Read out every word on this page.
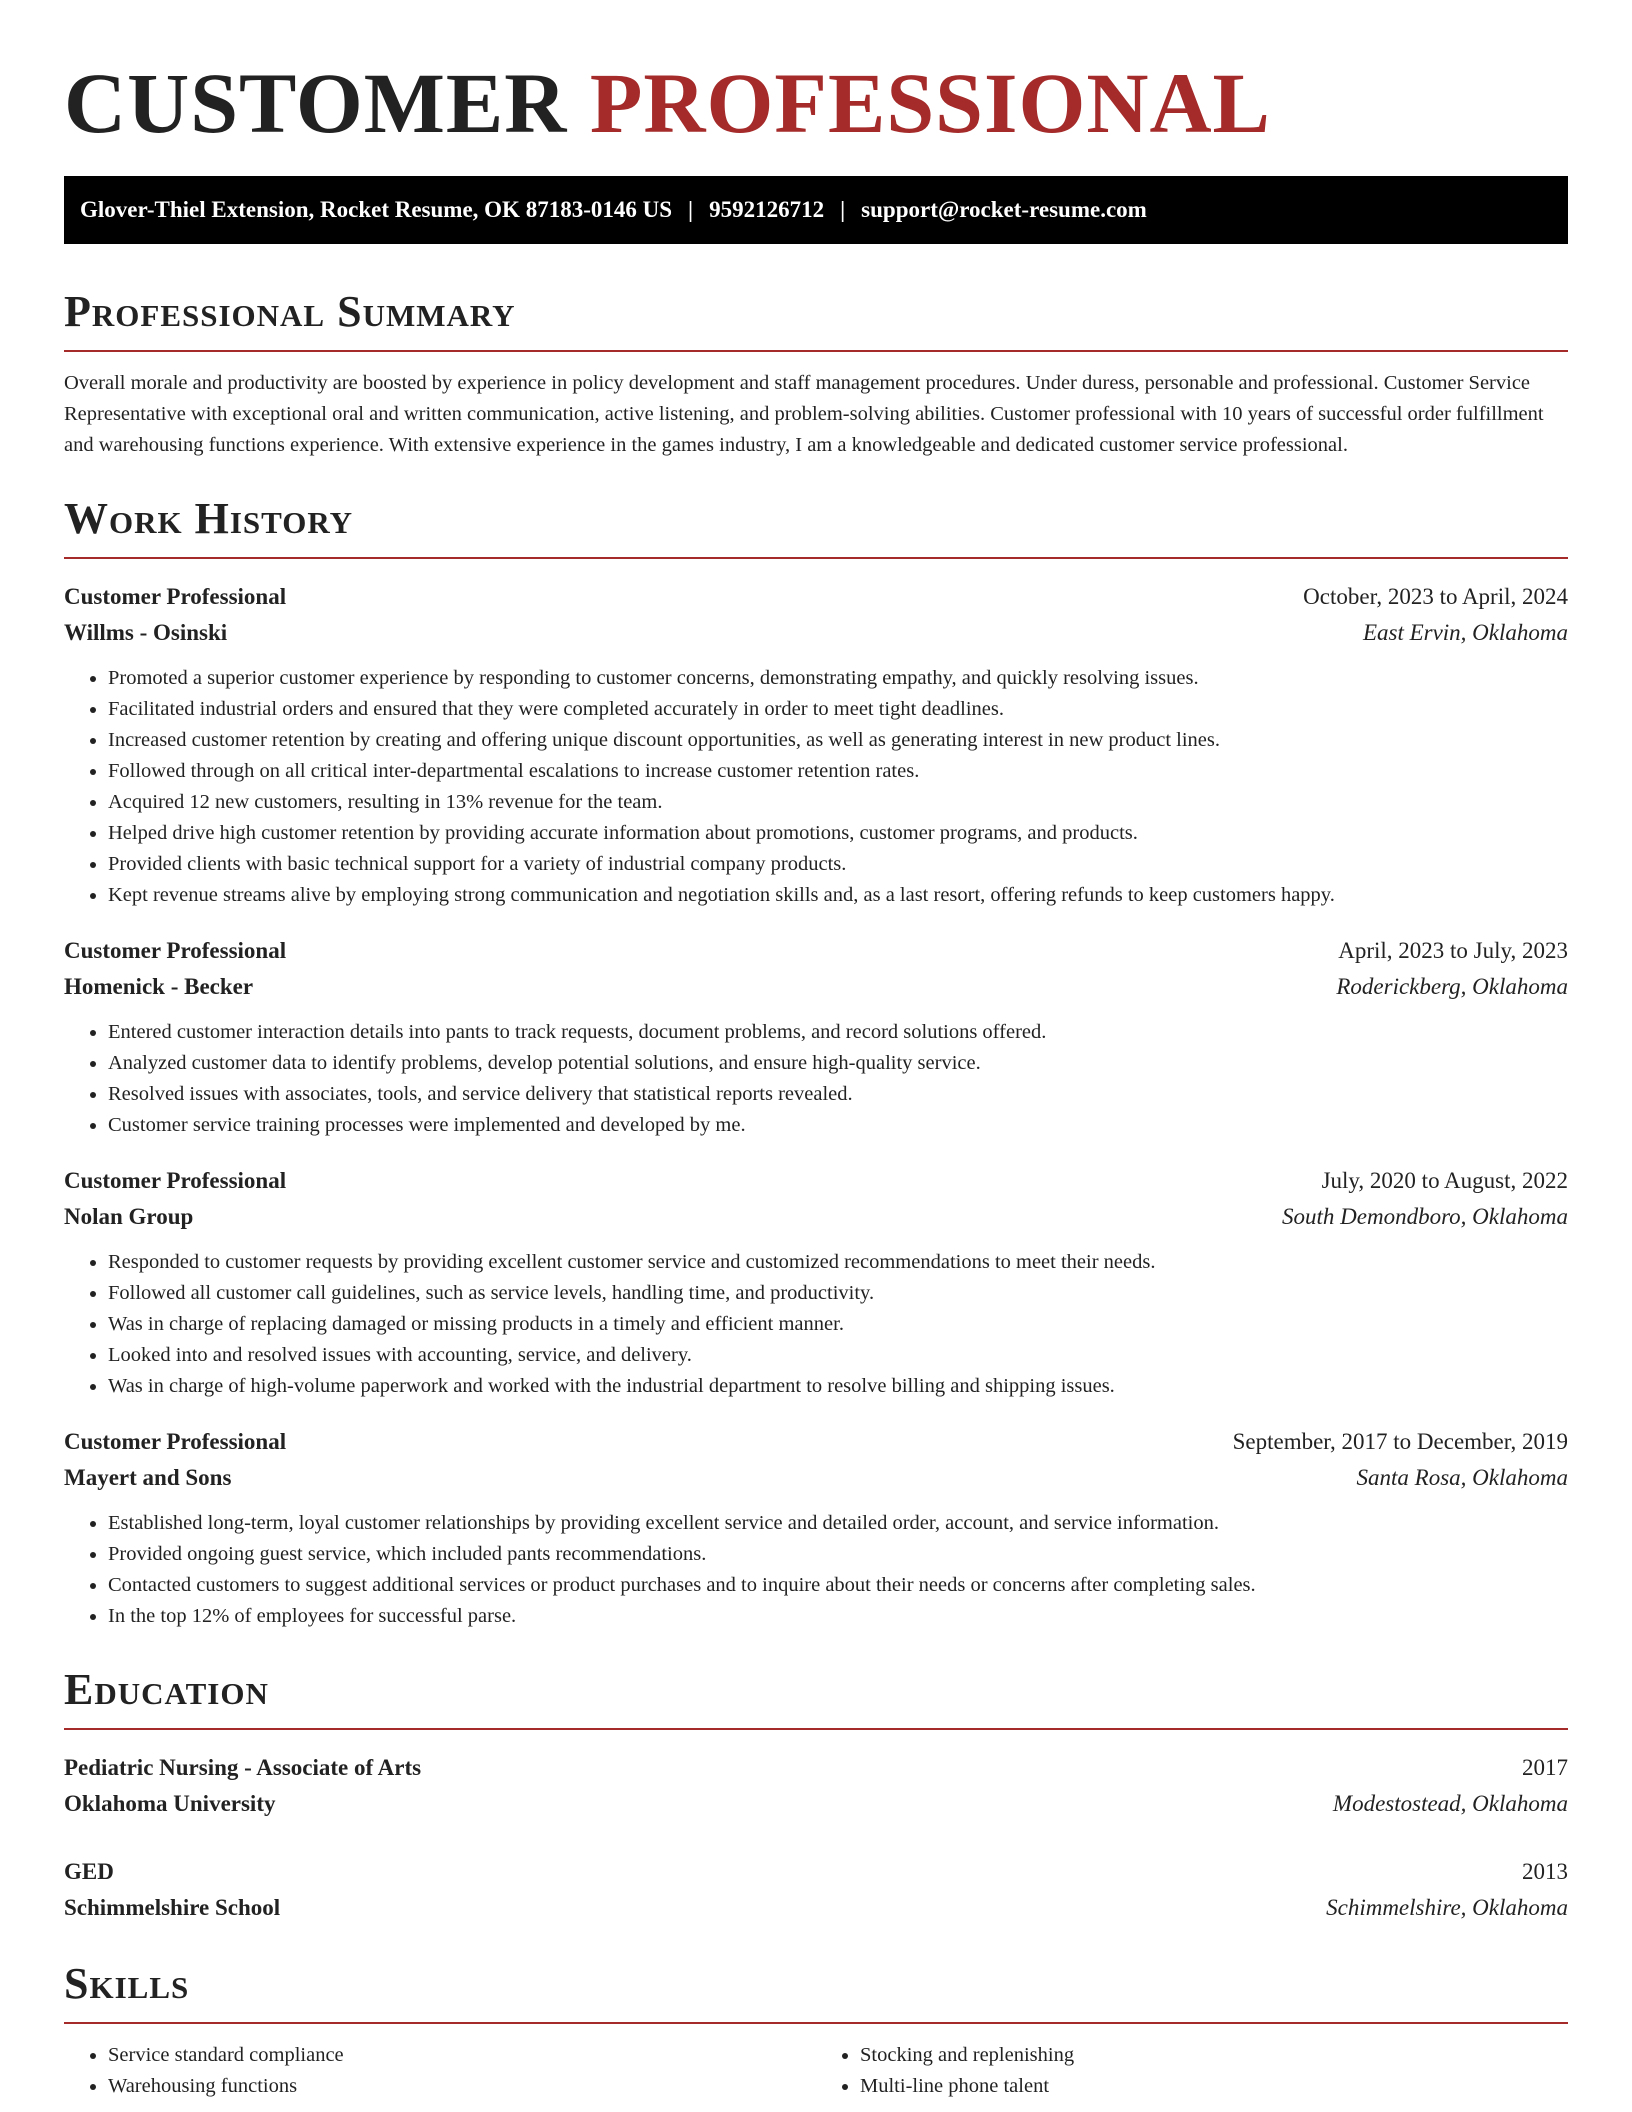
CUSTOMER PROFESSIONAL
Glover-Thiel Extension, Rocket Resume, OK 87183-0146 US | 9592126712 | support@rocket-resume.com
Professional Summary

Overall morale and productivity are boosted by experience in policy development and staff management procedures. Under duress, personable and professional. Customer Service Representative with exceptional oral and written communication, active listening, and problem-solving abilities. Customer professional with 10 years of successful order fulfillment and warehousing functions experience. With extensive experience in the games industry, I am a knowledgeable and dedicated customer service professional.

Work History
Customer Professional	October, 2023 to April, 2024
Willms - Osinski	East Ervin, Oklahoma
• Promoted a superior customer experience by responding to customer concerns, demonstrating empathy, and quickly resolving issues.
• Facilitated industrial orders and ensured that they were completed accurately in order to meet tight deadlines.
• Increased customer retention by creating and offering unique discount opportunities, as well as generating interest in new product lines.
• Followed through on all critical inter-departmental escalations to increase customer retention rates.
• Acquired 12 new customers, resulting in 13% revenue for the team.
• Helped drive high customer retention by providing accurate information about promotions, customer programs, and products.
• Provided clients with basic technical support for a variety of industrial company products.
• Kept revenue streams alive by employing strong communication and negotiation skills and, as a last resort, offering refunds to keep customers happy.
Customer Professional	April, 2023 to July, 2023
Homenick - Becker	Roderickberg, Oklahoma
• Entered customer interaction details into pants to track requests, document problems, and record solutions offered.
• Analyzed customer data to identify problems, develop potential solutions, and ensure high-quality service.
• Resolved issues with associates, tools, and service delivery that statistical reports revealed.
• Customer service training processes were implemented and developed by me.
Customer Professional	July, 2020 to August, 2022
Nolan Group	South Demondboro, Oklahoma
• Responded to customer requests by providing excellent customer service and customized recommendations to meet their needs.
• Followed all customer call guidelines, such as service levels, handling time, and productivity.
• Was in charge of replacing damaged or missing products in a timely and efficient manner.
• Looked into and resolved issues with accounting, service, and delivery.
• Was in charge of high-volume paperwork and worked with the industrial department to resolve billing and shipping issues.
Customer Professional	September, 2017 to December, 2019
Mayert and Sons	Santa Rosa, Oklahoma
• Established long-term, loyal customer relationships by providing excellent service and detailed order, account, and service information.
• Provided ongoing guest service, which included pants recommendations.
• Contacted customers to suggest additional services or product purchases and to inquire about their needs or concerns after completing sales.
• In the top 12% of employees for successful parse.
Education
Pediatric Nursing - Associate of Arts	2017
Oklahoma University	Modestostead, Oklahoma
GED	2013
Schimmelshire School	Schimmelshire, Oklahoma
Skills
• Service standard compliance
• Warehousing functions
• Stocking and replenishing
• Multi-line phone talent
